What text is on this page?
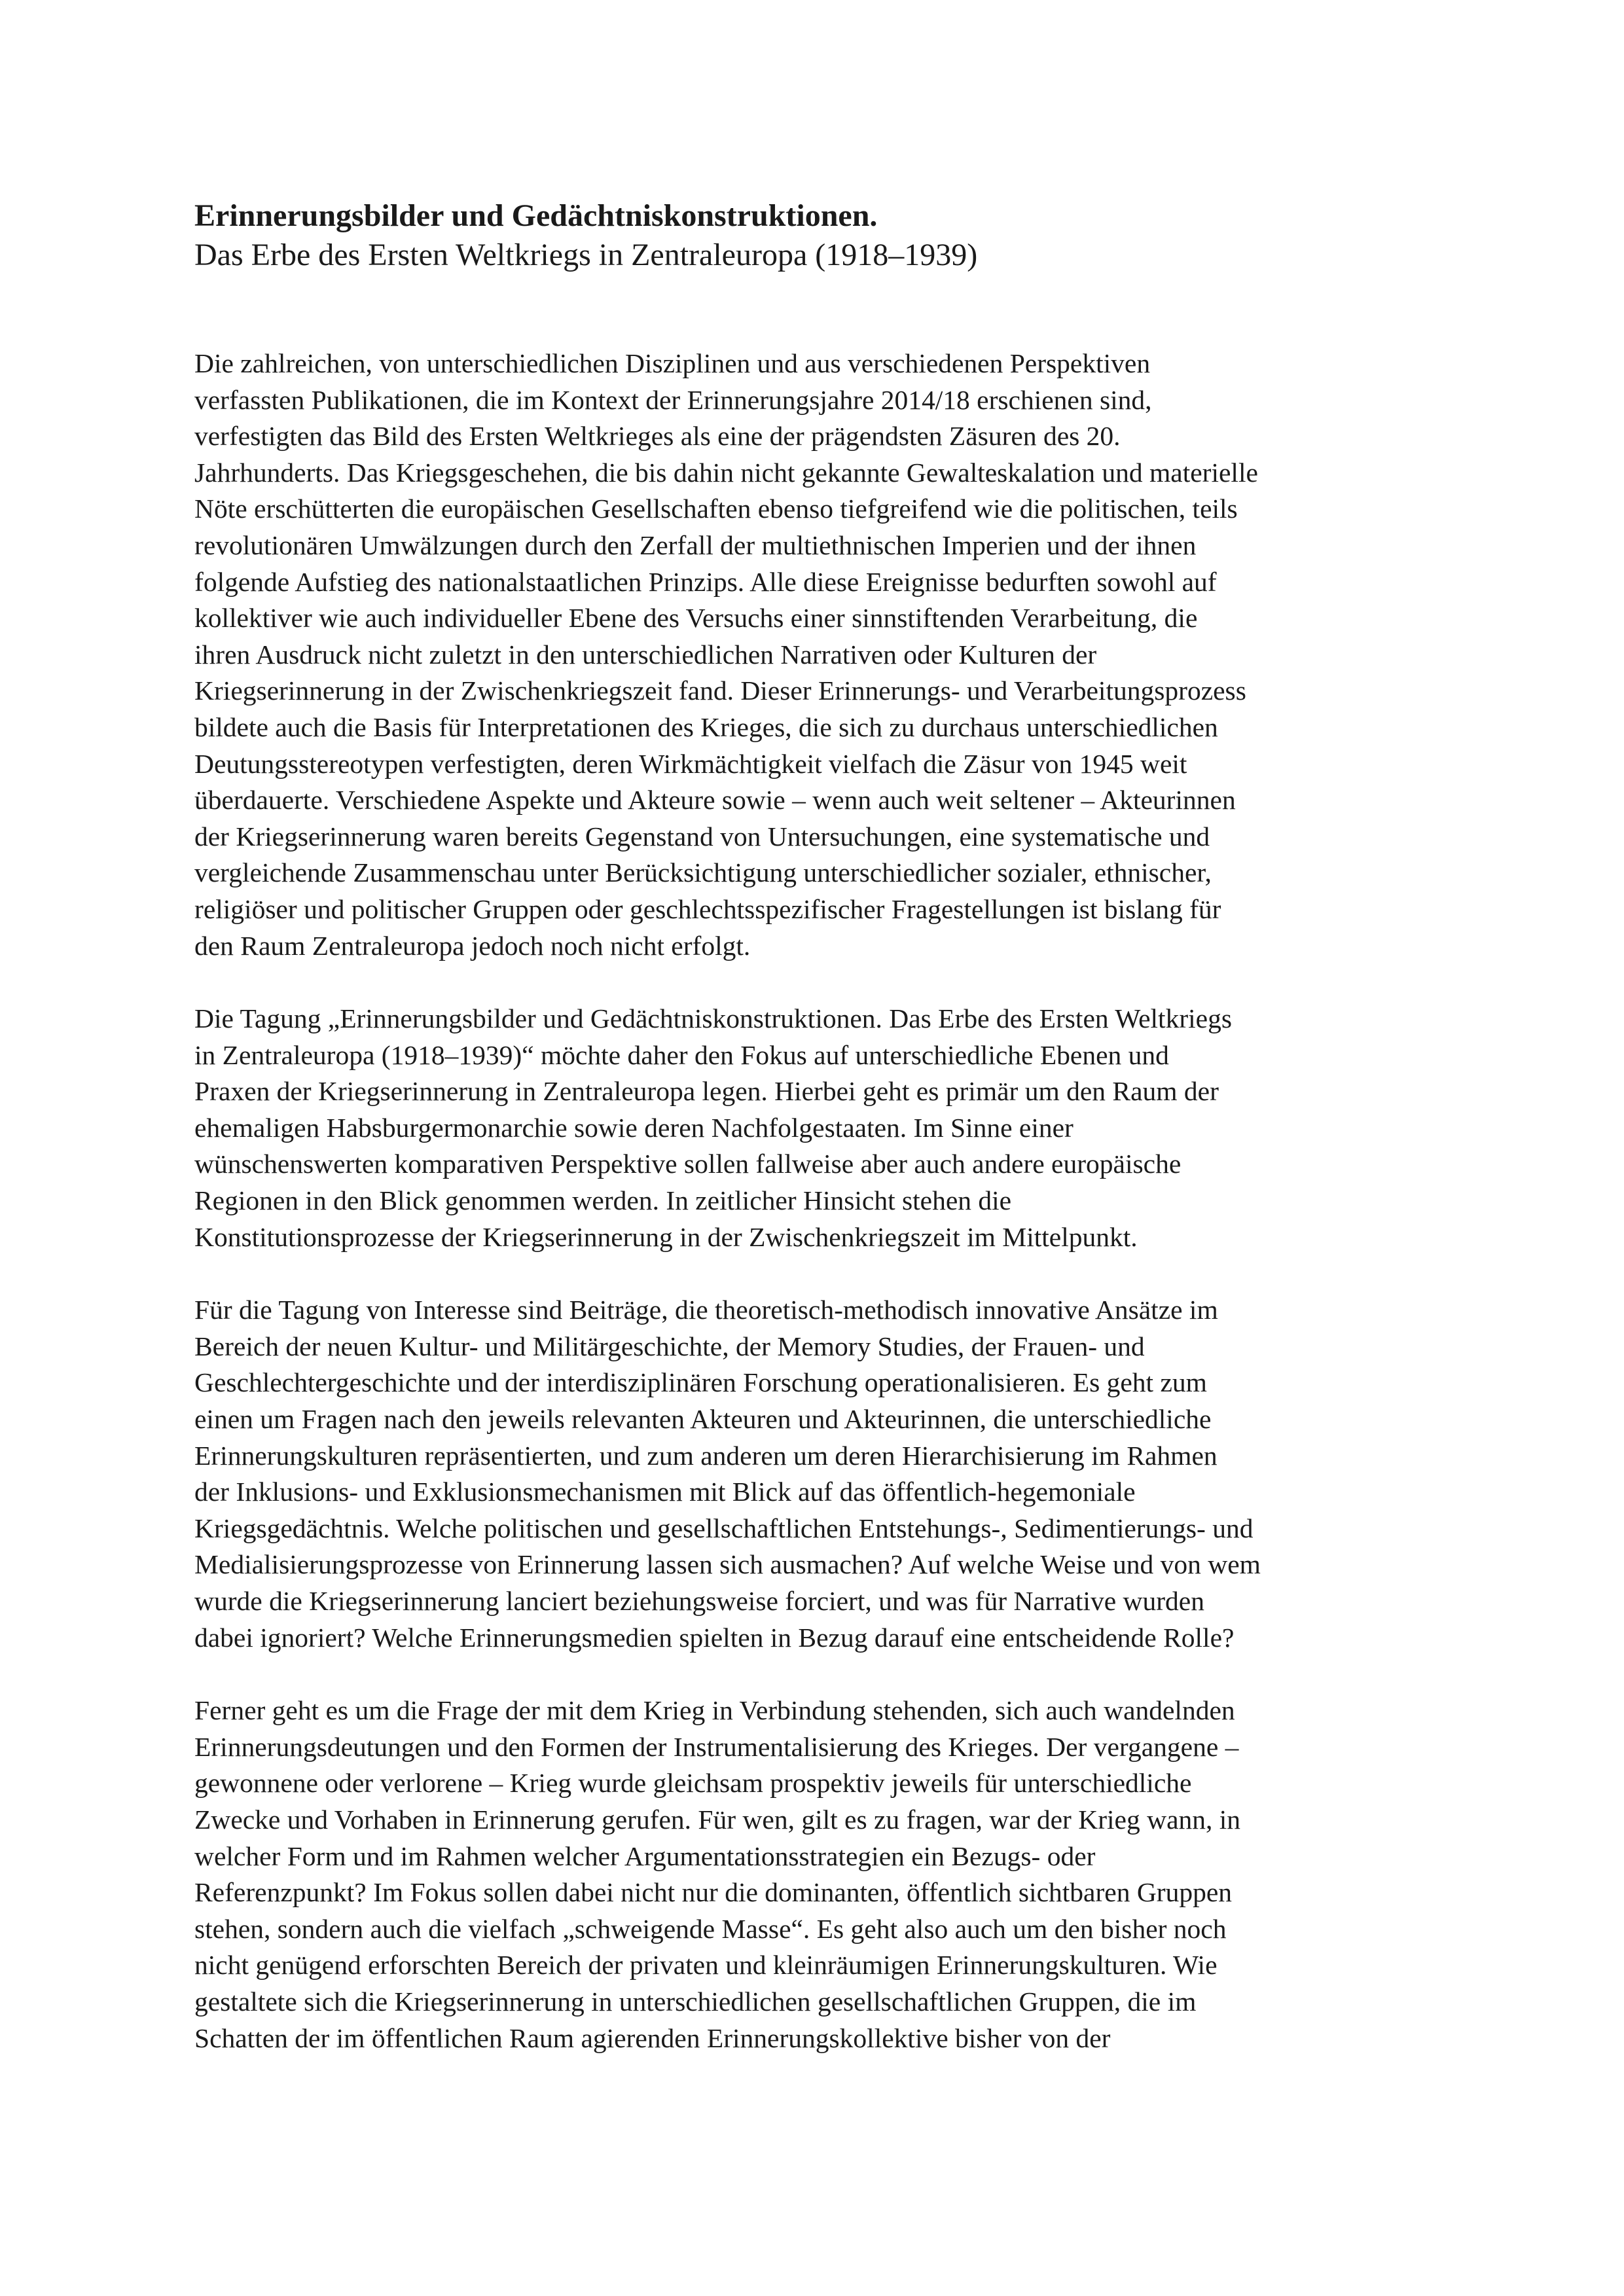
Erinnerungsbilder und Gedächtniskonstruktionen.
Das Erbe des Ersten Weltkriegs in Zentraleuropa (1918–1939)

Die zahlreichen, von unterschiedlichen Disziplinen und aus verschiedenen Perspektiven
verfassten Publikationen, die im Kontext der Erinnerungsjahre 2014/18 erschienen sind,
verfestigten das Bild des Ersten Weltkrieges als eine der prägendsten Zäsuren des 20.
Jahrhunderts. Das Kriegsgeschehen, die bis dahin nicht gekannte Gewalteskalation und materielle
Nöte erschütterten die europäischen Gesellschaften ebenso tiefgreifend wie die politischen, teils
revolutionären Umwälzungen durch den Zerfall der multiethnischen Imperien und der ihnen
folgende Aufstieg des nationalstaatlichen Prinzips. Alle diese Ereignisse bedurften sowohl auf
kollektiver wie auch individueller Ebene des Versuchs einer sinnstiftenden Verarbeitung, die
ihren Ausdruck nicht zuletzt in den unterschiedlichen Narrativen oder Kulturen der
Kriegserinnerung in der Zwischenkriegszeit fand. Dieser Erinnerungs- und Verarbeitungsprozess
bildete auch die Basis für Interpretationen des Krieges, die sich zu durchaus unterschiedlichen
Deutungsstereotypen verfestigten, deren Wirkmächtigkeit vielfach die Zäsur von 1945 weit
überdauerte. Verschiedene Aspekte und Akteure sowie – wenn auch weit seltener – Akteurinnen
der Kriegserinnerung waren bereits Gegenstand von Untersuchungen, eine systematische und
vergleichende Zusammenschau unter Berücksichtigung unterschiedlicher sozialer, ethnischer,
religiöser und politischer Gruppen oder geschlechtsspezifischer Fragestellungen ist bislang für
den Raum Zentraleuropa jedoch noch nicht erfolgt.

Die Tagung „Erinnerungsbilder und Gedächtniskonstruktionen. Das Erbe des Ersten Weltkriegs
in Zentraleuropa (1918–1939)“ möchte daher den Fokus auf unterschiedliche Ebenen und
Praxen der Kriegserinnerung in Zentraleuropa legen. Hierbei geht es primär um den Raum der
ehemaligen Habsburgermonarchie sowie deren Nachfolgestaaten. Im Sinne einer
wünschenswerten komparativen Perspektive sollen fallweise aber auch andere europäische
Regionen in den Blick genommen werden. In zeitlicher Hinsicht stehen die
Konstitutionsprozesse der Kriegserinnerung in der Zwischenkriegszeit im Mittelpunkt.

Für die Tagung von Interesse sind Beiträge, die theoretisch-methodisch innovative Ansätze im
Bereich der neuen Kultur- und Militärgeschichte, der Memory Studies, der Frauen- und
Geschlechtergeschichte und der interdisziplinären Forschung operationalisieren. Es geht zum
einen um Fragen nach den jeweils relevanten Akteuren und Akteurinnen, die unterschiedliche
Erinnerungskulturen repräsentierten, und zum anderen um deren Hierarchisierung im Rahmen
der Inklusions- und Exklusionsmechanismen mit Blick auf das öffentlich-hegemoniale
Kriegsgedächtnis. Welche politischen und gesellschaftlichen Entstehungs-, Sedimentierungs- und
Medialisierungsprozesse von Erinnerung lassen sich ausmachen? Auf welche Weise und von wem
wurde die Kriegserinnerung lanciert beziehungsweise forciert, und was für Narrative wurden
dabei ignoriert? Welche Erinnerungsmedien spielten in Bezug darauf eine entscheidende Rolle?

Ferner geht es um die Frage der mit dem Krieg in Verbindung stehenden, sich auch wandelnden
Erinnerungsdeutungen und den Formen der Instrumentalisierung des Krieges. Der vergangene –
gewonnene oder verlorene – Krieg wurde gleichsam prospektiv jeweils für unterschiedliche
Zwecke und Vorhaben in Erinnerung gerufen. Für wen, gilt es zu fragen, war der Krieg wann, in
welcher Form und im Rahmen welcher Argumentationsstrategien ein Bezugs- oder
Referenzpunkt? Im Fokus sollen dabei nicht nur die dominanten, öffentlich sichtbaren Gruppen
stehen, sondern auch die vielfach „schweigende Masse“. Es geht also auch um den bisher noch
nicht genügend erforschten Bereich der privaten und kleinräumigen Erinnerungskulturen. Wie
gestaltete sich die Kriegserinnerung in unterschiedlichen gesellschaftlichen Gruppen, die im
Schatten der im öffentlichen Raum agierenden Erinnerungskollektive bisher von der
